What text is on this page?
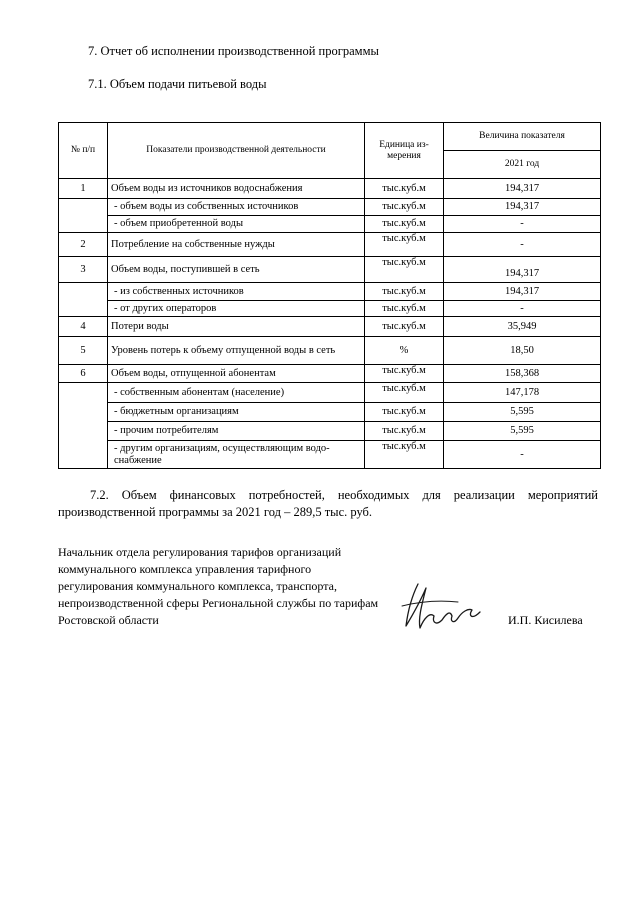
7. Отчет об исполнении производственной программы
7.1. Объем подачи питьевой воды
№ п/п	Показатели производственной деятельности	Единица из-мерения	Величина показателя
			2021 год
1	Объем воды из источников водоснабжения	тыс.куб.м	194,317
	- объем воды из собственных источников	тыс.куб.м	194,317
	- объем приобретенной воды	тыс.куб.м	-
2	Потребление на собственные нужды	тыс.куб.м	-
3	Объем воды, поступившей в сеть	тыс.куб.м	194,317
	- из собственных источников	тыс.куб.м	194,317
	- от других операторов	тыс.куб.м	-
4	Потери воды	тыс.куб.м	35,949
5	Уровень потерь к объему отпущенной воды в сеть	%	18,50
6	Объем воды, отпущенной абонентам	тыс.куб.м	158,368
	- собственным абонентам (население)	тыс.куб.м	147,178
	- бюджетным организациям	тыс.куб.м	5,595
	- прочим потребителям	тыс.куб.м	5,595
	- другим организациям, осуществляющим водо-снабжение	тыс.куб.м	-
7.2. Объем финансовых потребностей, необходимых для реализации мероприятий производственной программы за 2021 год – 289,5 тыс. руб.
Начальник отдела регулирования тарифов организаций коммунального комплекса управления тарифного регулирования коммунального комплекса, транспорта, непроизводственной сферы Региональной службы по тарифам Ростовской области	И.П. Кисилева
